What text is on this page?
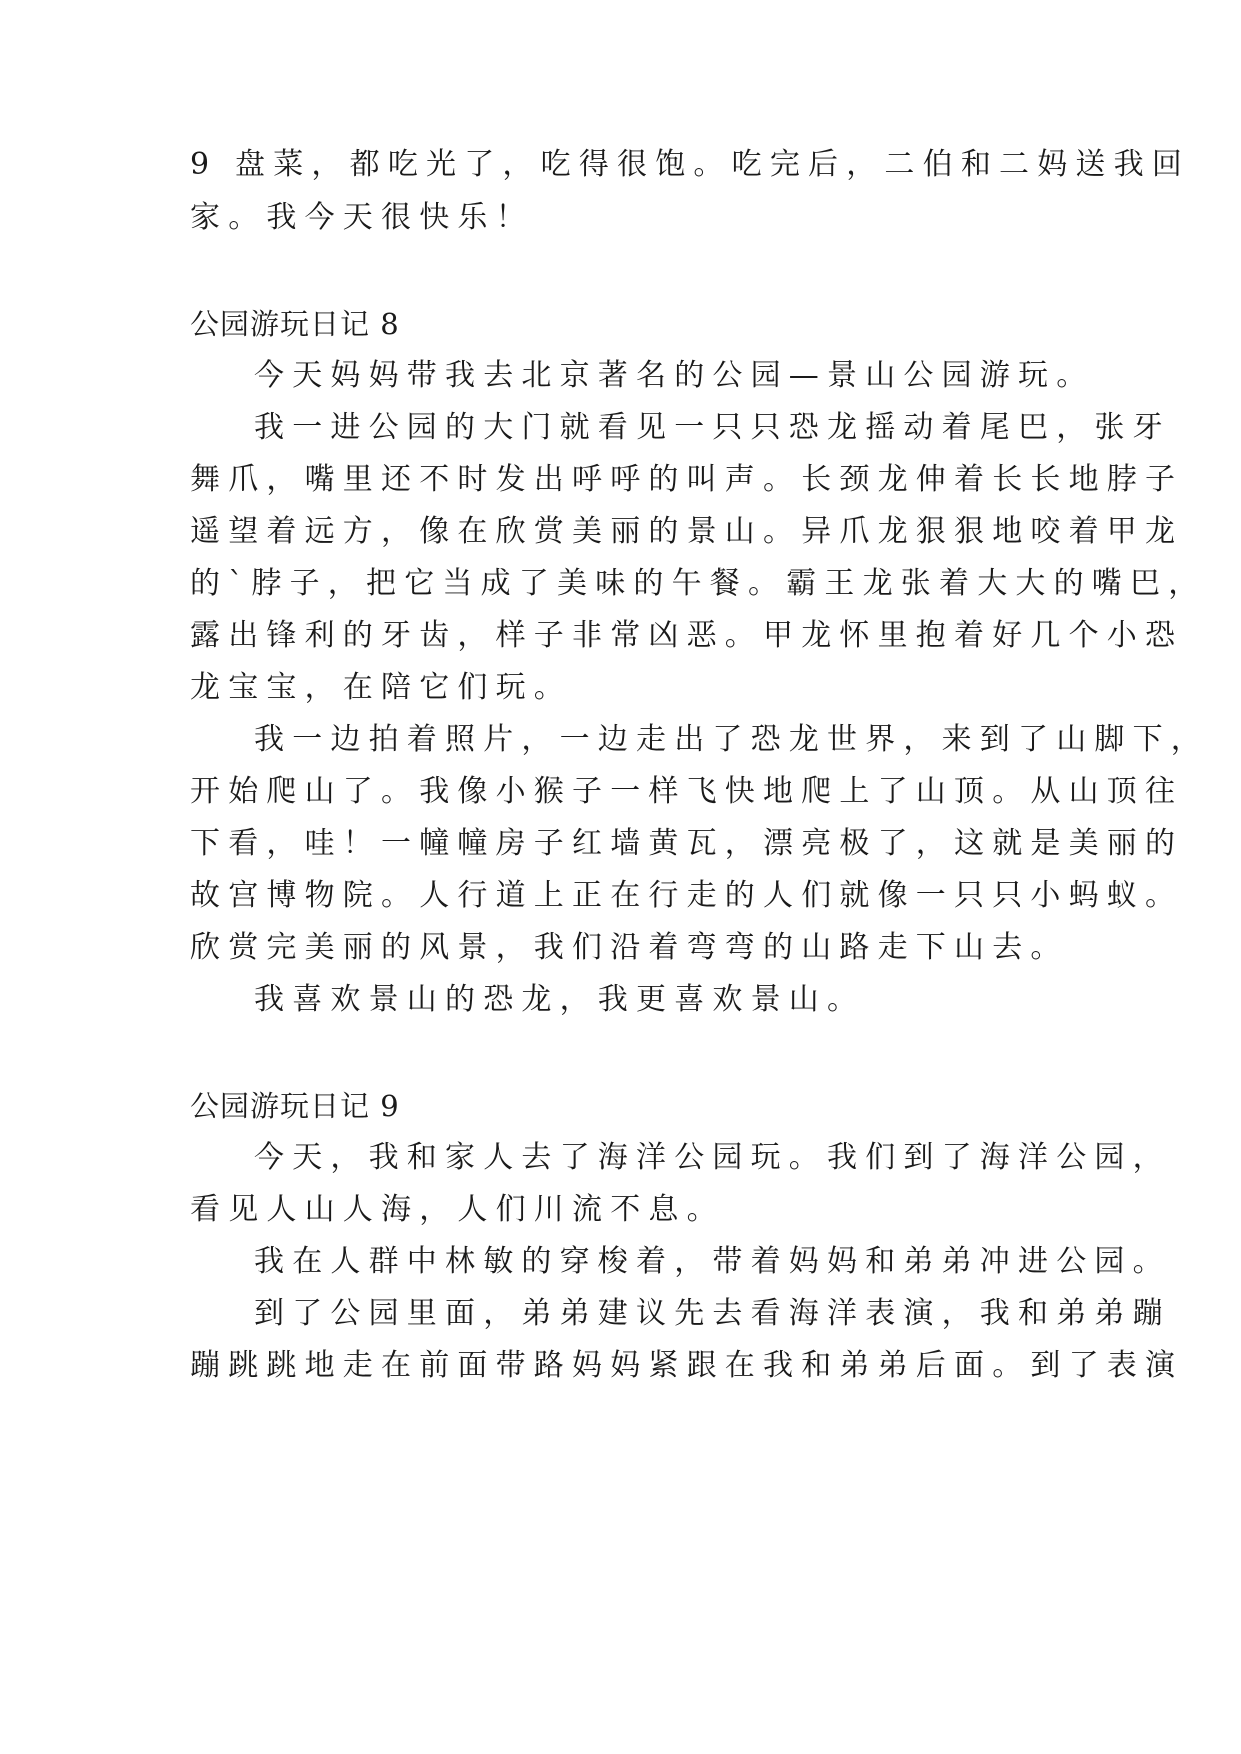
9 盘菜，都吃光了，吃得很饱。吃完后，二伯和二妈送我回
家。我今天很快乐！
公园游玩日记 8
今天妈妈带我去北京著名的公园—景山公园游玩。
我一进公园的大门就看见一只只恐龙摇动着尾巴，张牙
舞爪，嘴里还不时发出呼呼的叫声。长颈龙伸着长长地脖子
遥望着远方，像在欣赏美丽的景山。异爪龙狠狠地咬着甲龙
的`脖子，把它当成了美味的午餐。霸王龙张着大大的嘴巴，
露出锋利的牙齿，样子非常凶恶。甲龙怀里抱着好几个小恐
龙宝宝，在陪它们玩。
我一边拍着照片，一边走出了恐龙世界，来到了山脚下，
开始爬山了。我像小猴子一样飞快地爬上了山顶。从山顶往
下看，哇！一幢幢房子红墙黄瓦，漂亮极了，这就是美丽的
故宫博物院。人行道上正在行走的人们就像一只只小蚂蚁。
欣赏完美丽的风景，我们沿着弯弯的山路走下山去。
我喜欢景山的恐龙，我更喜欢景山。
公园游玩日记 9
今天，我和家人去了海洋公园玩。我们到了海洋公园，
看见人山人海，人们川流不息。
我在人群中林敏的穿梭着，带着妈妈和弟弟冲进公园。
到了公园里面，弟弟建议先去看海洋表演，我和弟弟蹦
蹦跳跳地走在前面带路妈妈紧跟在我和弟弟后面。到了表演
